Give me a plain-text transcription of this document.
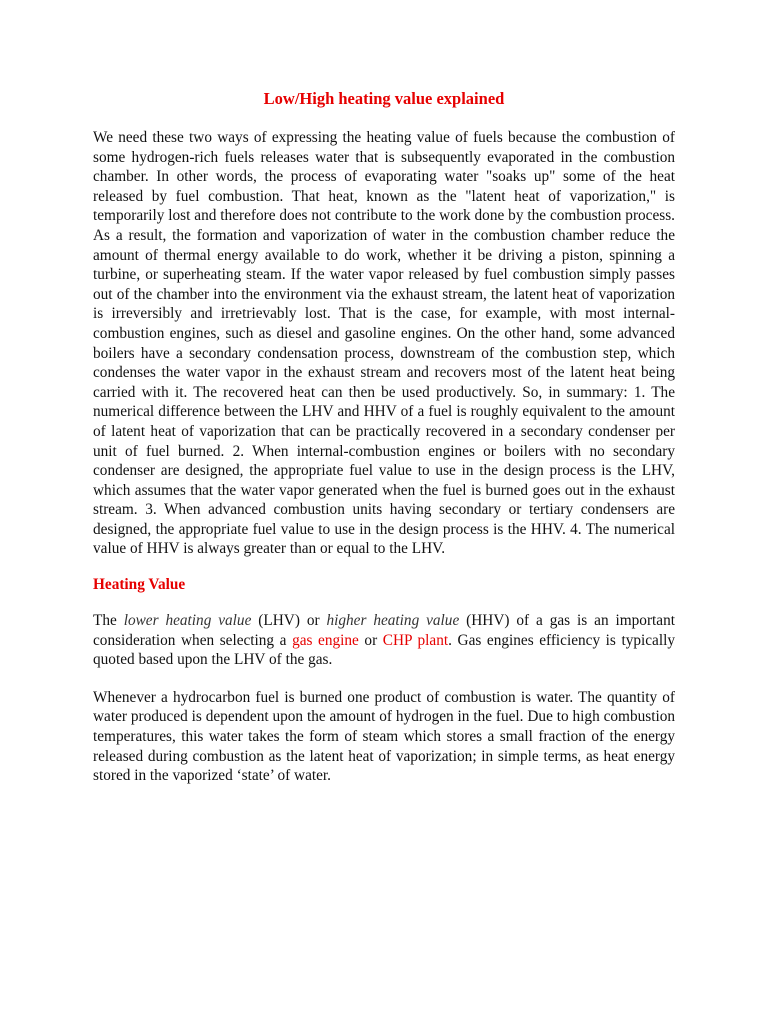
Low/High heating value explained

We need these two ways of expressing the heating value of fuels because the combustion of some hydrogen-rich fuels releases water that is subsequently evaporated in the combustion chamber. In other words, the process of evaporating water "soaks up" some of the heat released by fuel combustion. That heat, known as the "latent heat of vaporization," is temporarily lost and therefore does not contribute to the work done by the combustion process. As a result, the formation and vaporization of water in the combustion chamber reduce the amount of thermal energy available to do work, whether it be driving a piston, spinning a turbine, or superheating steam. If the water vapor released by fuel combustion simply passes out of the chamber into the environment via the exhaust stream, the latent heat of vaporization is irreversibly and irretrievably lost. That is the case, for example, with most internal-combustion engines, such as diesel and gasoline engines. On the other hand, some advanced boilers have a secondary condensation process, downstream of the combustion step, which condenses the water vapor in the exhaust stream and recovers most of the latent heat being carried with it. The recovered heat can then be used productively. So, in summary: 1. The numerical difference between the LHV and HHV of a fuel is roughly equivalent to the amount of latent heat of vaporization that can be practically recovered in a secondary condenser per unit of fuel burned. 2. When internal-combustion engines or boilers with no secondary condenser are designed, the appropriate fuel value to use in the design process is the LHV, which assumes that the water vapor generated when the fuel is burned goes out in the exhaust stream. 3. When advanced combustion units having secondary or tertiary condensers are designed, the appropriate fuel value to use in the design process is the HHV. 4. The numerical value of HHV is always greater than or equal to the LHV.

Heating Value

The lower heating value (LHV) or higher heating value (HHV) of a gas is an important consideration when selecting a gas engine or CHP plant. Gas engines efficiency is typically quoted based upon the LHV of the gas.

Whenever a hydrocarbon fuel is burned one product of combustion is water. The quantity of water produced is dependent upon the amount of hydrogen in the fuel. Due to high combustion temperatures, this water takes the form of steam which stores a small fraction of the energy released during combustion as the latent heat of vaporization; in simple terms, as heat energy stored in the vaporized ‘state’ of water.
